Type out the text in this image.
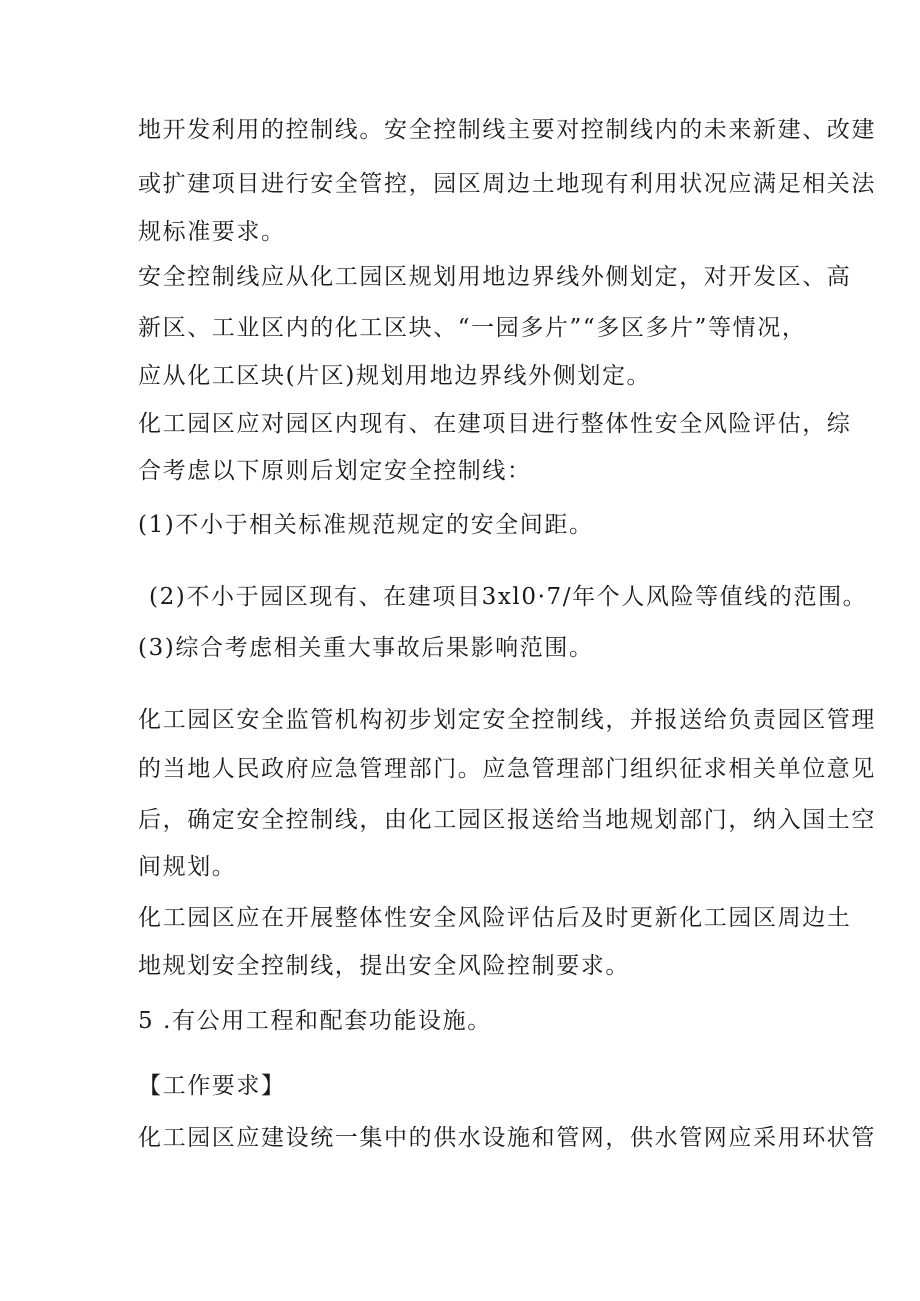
地开发利用的控制线。安全控制线主要对控制线内的未来新建、改建

或扩建项目进行安全管控，园区周边土地现有利用状况应满足相关法

规标准要求。

安全控制线应从化工园区规划用地边界线外侧划定，对开发区、高

新区、工业区内的化工区块、“一园多片”“多区多片”等情况，

应从化工区块(片区)规划用地边界线外侧划定。

化工园区应对园区内现有、在建项目进行整体性安全风险评估，综

合考虑以下原则后划定安全控制线：

(1)不小于相关标准规范规定的安全间距。

(2)不小于园区现有、在建项目3xl0·7/年个人风险等值线的范围。

(3)综合考虑相关重大事故后果影响范围。

化工园区安全监管机构初步划定安全控制线，并报送给负责园区管理

的当地人民政府应急管理部门。应急管理部门组织征求相关单位意见

后，确定安全控制线，由化工园区报送给当地规划部门，纳入国土空

间规划。

化工园区应在开展整体性安全风险评估后及时更新化工园区周边土

地规划安全控制线，提出安全风险控制要求。

5 .有公用工程和配套功能设施。

【工作要求】

化工园区应建设统一集中的供水设施和管网，供水管网应采用环状管
